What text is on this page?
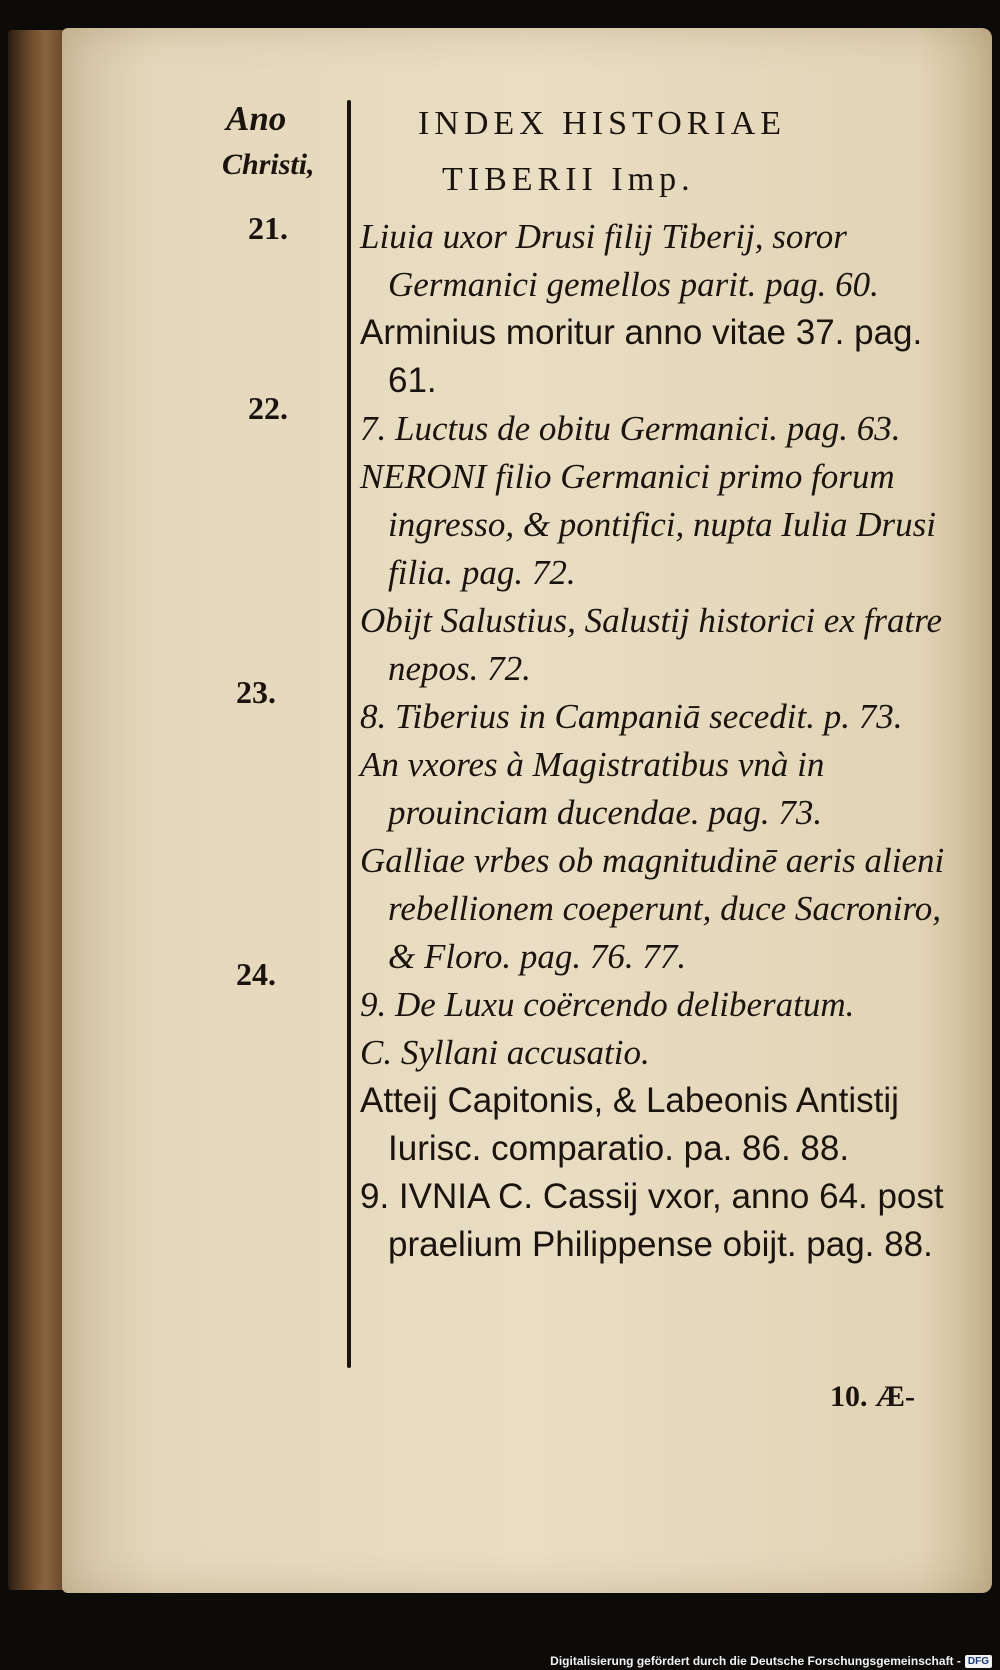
Ano
Christi,
21.
22.
23.
24.
INDEX HISTORIAE
TIBERII Imp.
Liuia uxor Drusi filij Tiberij, soror Germanici gemellos parit. pag. 60.
Arminius moritur anno vitae 37. pag. 61.
7. Luctus de obitu Germanici. pag. 63.
NERONI filio Germanici primo forum ingresso, & pontifici, nupta Iulia Drusi filia. pag. 72.
Obijt Salustius, Salustij historici ex fratre nepos. 72.
8. Tiberius in Campaniā secedit. p. 73.
An vxores à Magistratibus vnà in prouinciam ducendae. pag. 73.
Galliae vrbes ob magnitudinē aeris alieni rebellionem coeperunt, duce Sacroniro, & Floro. pag. 76. 77.
9. De Luxu coërcendo deliberatum.
C. Syllani accusatio.
Atteij Capitonis, & Labeonis Antistij Iurisc. comparatio. pa. 86. 88.
9. IVNIA C. Cassij vxor, anno 64. post praelium Philippense obijt. pag. 88.
10. Æ-
Digitalisierung gefördert durch die Deutsche Forschungsgemeinschaft - DFG
